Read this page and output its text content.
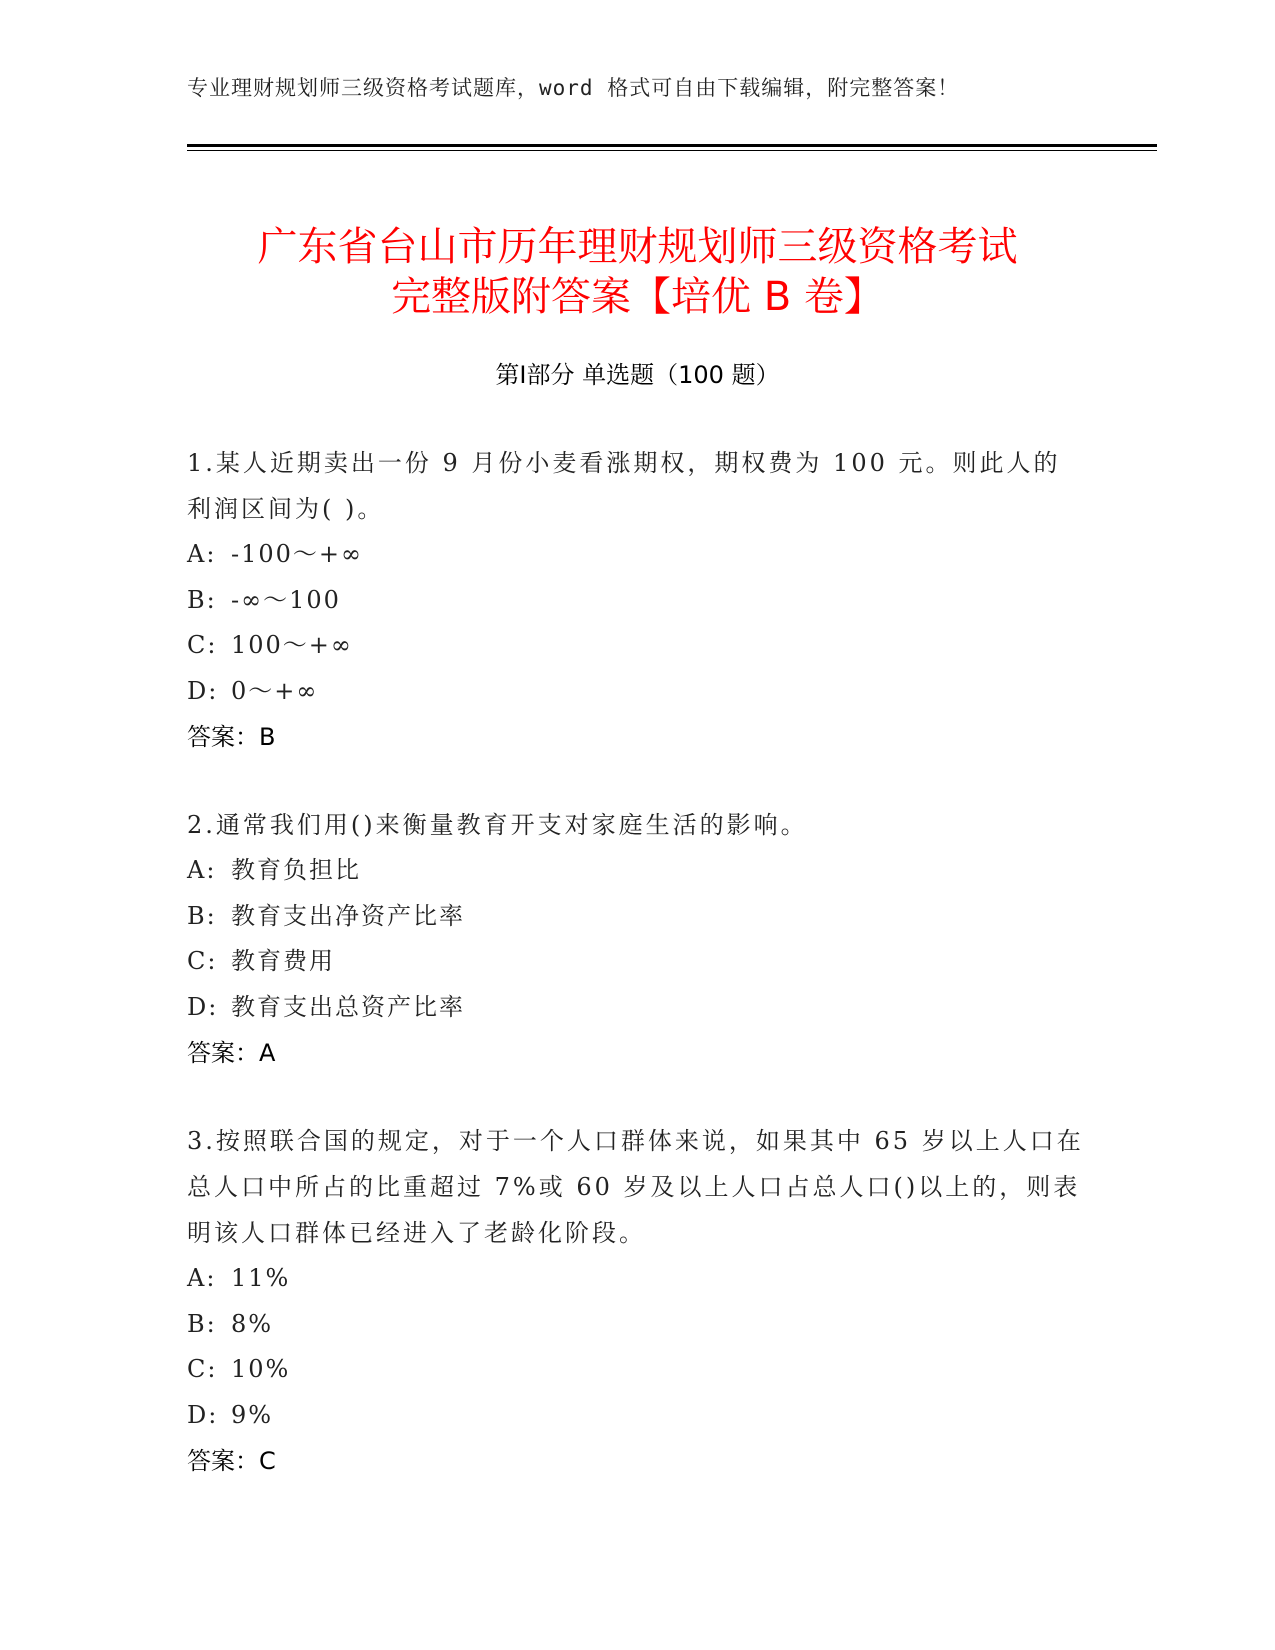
专业理财规划师三级资格考试题库，word 格式可自由下载编辑，附完整答案！
广东省台山市历年理财规划师三级资格考试
完整版附答案【培优 B 卷】
第Ⅰ部分 单选题（100 题）
1.某人近期卖出一份 9 月份小麦看涨期权，期权费为 100 元。则此人的利润区间为( )。
A: -100～+∞
B: -∞～100
C: 100～+∞
D: 0～+∞
答案：B
2.通常我们用()来衡量教育开支对家庭生活的影响。
A: 教育负担比
B: 教育支出净资产比率
C: 教育费用
D: 教育支出总资产比率
答案：A
3.按照联合国的规定，对于一个人口群体来说，如果其中 65 岁以上人口在总人口中所占的比重超过 7%或 60 岁及以上人口占总人口()以上的，则表明该人口群体已经进入了老龄化阶段。
A: 11%
B: 8%
C: 10%
D: 9%
答案：C
